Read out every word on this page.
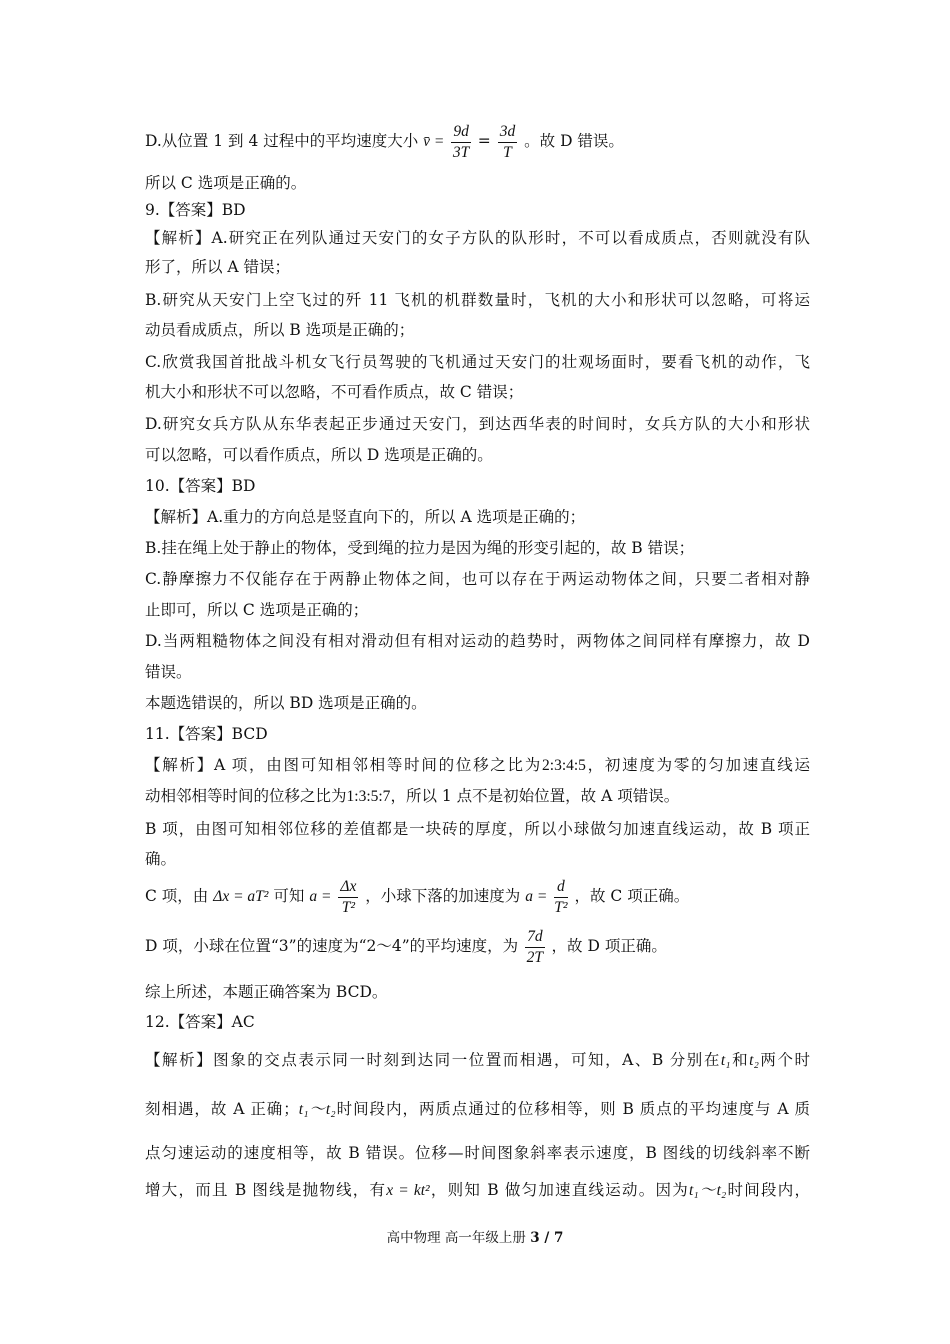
D.从位置 1 到 4 过程中的平均速度大小 v̄ = $\frac{9d}{3T} = \frac{3d}{T}$ 。故 D 错误。
所以 C 选项是正确的。
9.【答案】BD
【解析】A.研究正在列队通过天安门的女子方队的队形时，不可以看成质点，否则就没有队
形了，所以 A 错误；
B.研究从天安门上空飞过的歼 11 飞机的机群数量时，飞机的大小和形状可以忽略，可将运
动员看成质点，所以 B 选项是正确的；
C.欣赏我国首批战斗机女飞行员驾驶的飞机通过天安门的壮观场面时，要看飞机的动作，飞
机大小和形状不可以忽略，不可看作质点，故 C 错误；
D.研究女兵方队从东华表起正步通过天安门，到达西华表的时间时，女兵方队的大小和形状
可以忽略，可以看作质点，所以 D 选项是正确的。
10.【答案】BD
【解析】A.重力的方向总是竖直向下的，所以 A 选项是正确的；
B.挂在绳上处于静止的物体，受到绳的拉力是因为绳的形变引起的，故 B 错误；
C.静摩擦力不仅能存在于两静止物体之间，也可以存在于两运动物体之间，只要二者相对静
止即可，所以 C 选项是正确的；
D.当两粗糙物体之间没有相对滑动但有相对运动的趋势时，两物体之间同样有摩擦力，故 D
错误。
本题选错误的，所以 BD 选项是正确的。
11.【答案】BCD
【解析】A 项，由图可知相邻相等时间的位移之比为2:3:4:5，初速度为零的匀加速直线运
动相邻相等时间的位移之比为1:3:5:7，所以 1 点不是初始位置，故 A 项错误。
B 项，由图可知相邻位移的差值都是一块砖的厚度，所以小球做匀加速直线运动，故 B 项正
确。
C 项，由 Δx = aT² 可知 $a = \frac{\Delta x}{\text{T²}}$ ，小球下落的加速度为 $a = \frac{d}{\text{T²}}$ ，故 C 项正确。
D 项，小球在位置“3”的速度为“2～4”的平均速度，为 $\frac{7d}{2T}$ ，故 D 项正确。
综上所述，本题正确答案为 BCD。
12.【答案】AC
【解析】图象的交点表示同一时刻到达同一位置而相遇，可知，A、B 分别在t₁和t₂两个时
刻相遇，故 A 正确；t₁～t₂时间段内，两质点通过的位移相等，则 B 质点的平均速度与 A 质
点匀速运动的速度相等，故 B 错误。位移—时间图象斜率表示速度，B 图线的切线斜率不断
增大，而且 B 图线是抛物线，有x = kt²，则知 B 做匀加速直线运动。因为t₁～t₂时间段内，
高中物理 高一年级上册 3 / 7
